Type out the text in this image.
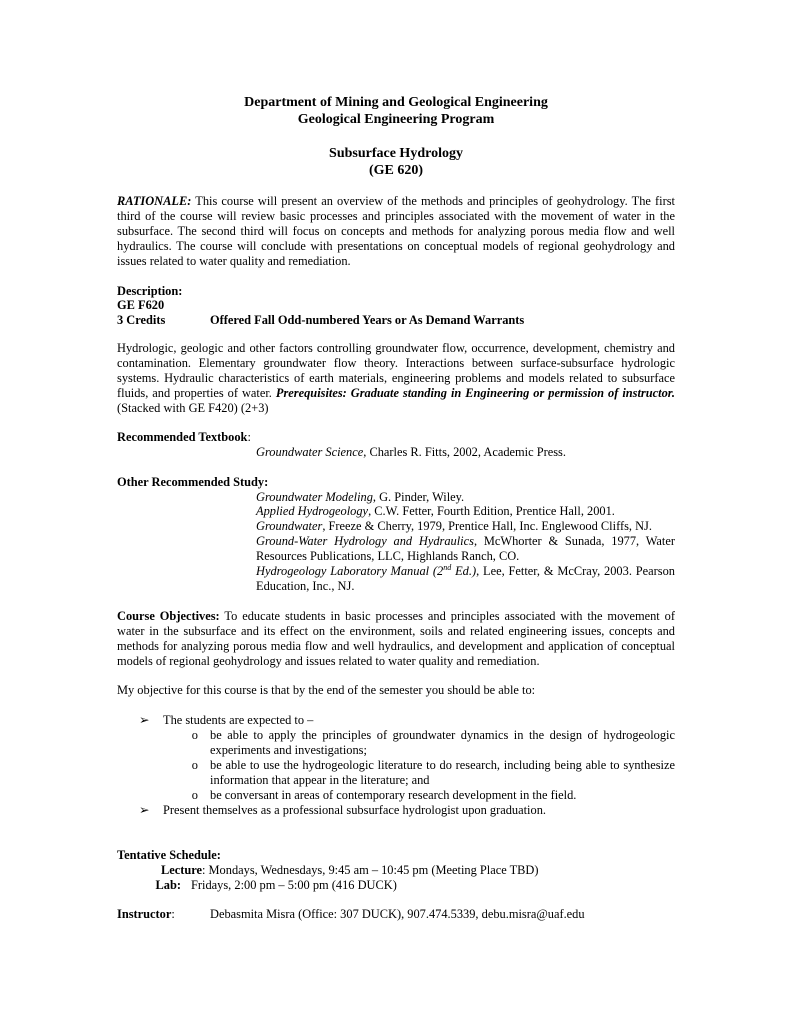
Department of Mining and Geological Engineering
Geological Engineering Program
Subsurface Hydrology
(GE 620)
RATIONALE: This course will present an overview of the methods and principles of geohydrology. The first third of the course will review basic processes and principles associated with the movement of water in the subsurface. The second third will focus on concepts and methods for analyzing porous media flow and well hydraulics. The course will conclude with presentations on conceptual models of regional geohydrology and issues related to water quality and remediation.
Description:
GE F620
3 Credits	Offered Fall Odd-numbered Years or As Demand Warrants
Hydrologic, geologic and other factors controlling groundwater flow, occurrence, development, chemistry and contamination. Elementary groundwater flow theory. Interactions between surface-subsurface hydrologic systems. Hydraulic characteristics of earth materials, engineering problems and models related to subsurface fluids, and properties of water. Prerequisites: Graduate standing in Engineering or permission of instructor. (Stacked with GE F420) (2+3)
Recommended Textbook:
Groundwater Science, Charles R. Fitts, 2002, Academic Press.
Other Recommended Study:
Groundwater Modeling, G. Pinder, Wiley.
Applied Hydrogeology, C.W. Fetter, Fourth Edition, Prentice Hall, 2001.
Groundwater, Freeze & Cherry, 1979, Prentice Hall, Inc. Englewood Cliffs, NJ.
Ground-Water Hydrology and Hydraulics, McWhorter & Sunada, 1977, Water Resources Publications, LLC, Highlands Ranch, CO.
Hydrogeology Laboratory Manual (2nd Ed.), Lee, Fetter, & McCray, 2003. Pearson Education, Inc., NJ.
Course Objectives: To educate students in basic processes and principles associated with the movement of water in the subsurface and its effect on the environment, soils and related engineering issues, concepts and methods for analyzing porous media flow and well hydraulics, and development and application of conceptual models of regional geohydrology and issues related to water quality and remediation.
My objective for this course is that by the end of the semester you should be able to:
➢	The students are expected to –
o be able to apply the principles of groundwater dynamics in the design of hydrogeologic experiments and investigations;
o be able to use the hydrogeologic literature to do research, including being able to synthesize information that appear in the literature; and
o be conversant in areas of contemporary research development in the field.
➢	Present themselves as a professional subsurface hydrologist upon graduation.
Tentative Schedule:
Lecture : Mondays, Wednesdays, 9:45 am – 10:45 pm (Meeting Place TBD)
Lab: Fridays, 2:00 pm – 5:00 pm (416 DUCK)
Instructor:	Debasmita Misra (Office: 307 DUCK), 907.474.5339, debu.misra@uaf.edu
